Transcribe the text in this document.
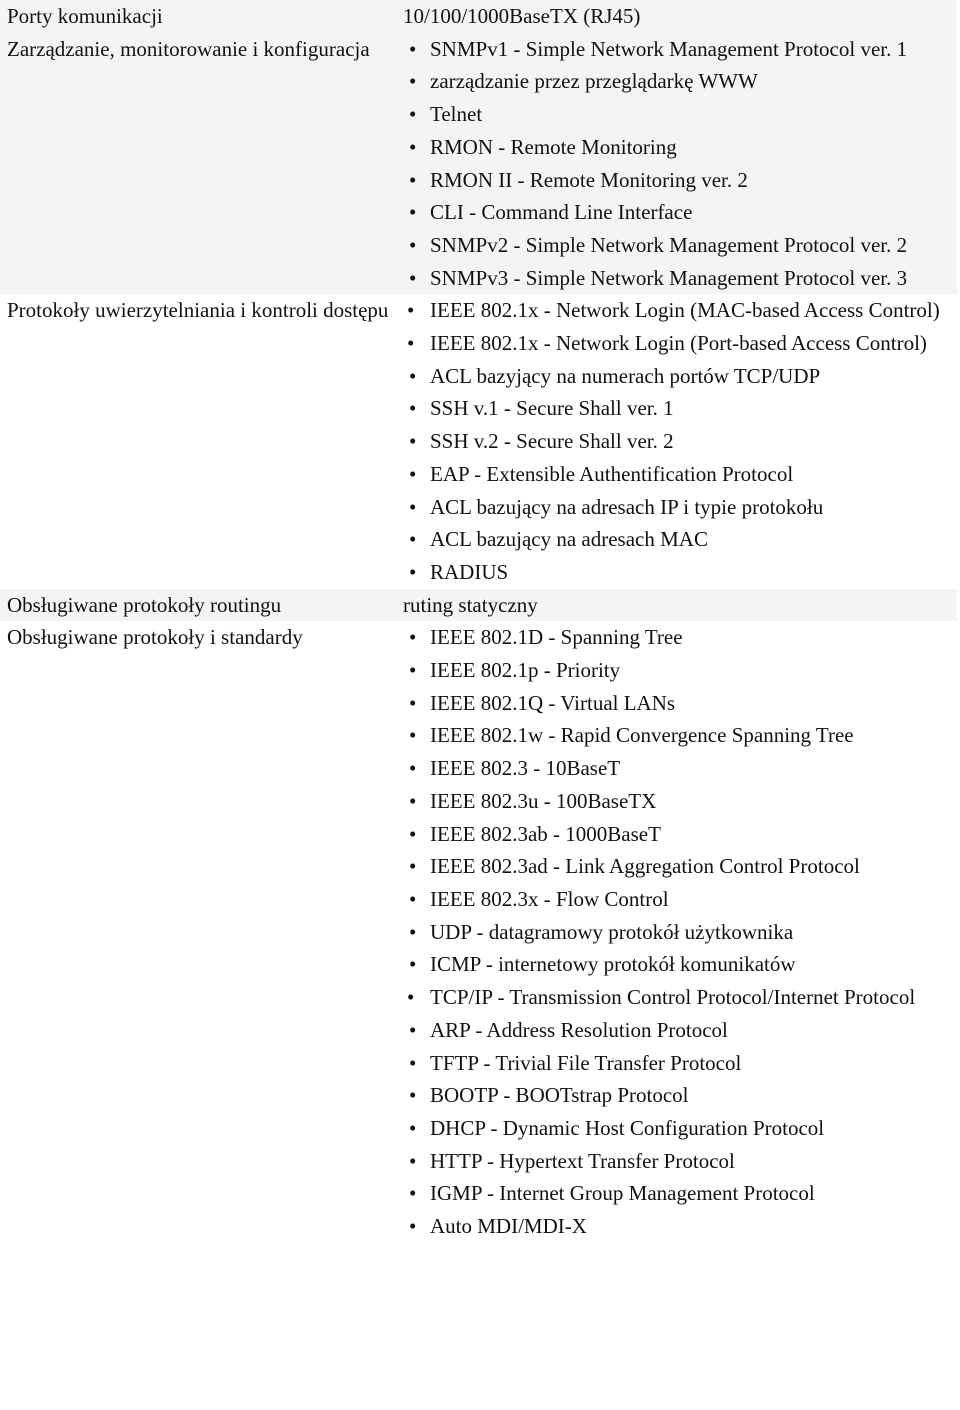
Porty komunikacji	10/100/1000BaseTX (RJ45)
Zarządzanie, monitorowanie i konfiguracja	• SNMPv1 - Simple Network Management Protocol ver. 1
• zarządzanie przez przeglądarkę WWW
• Telnet
• RMON - Remote Monitoring
• RMON II - Remote Monitoring ver. 2
• CLI - Command Line Interface
• SNMPv2 - Simple Network Management Protocol ver. 2
• SNMPv3 - Simple Network Management Protocol ver. 3
Protokoły uwierzytelniania i kontroli dostępu • IEEE 802.1x - Network Login (MAC-based Access Control)
• IEEE 802.1x - Network Login (Port-based Access Control)
• ACL bazyjący na numerach portów TCP/UDP
• SSH v.1 - Secure Shall ver. 1
• SSH v.2 - Secure Shall ver. 2
• EAP - Extensible Authentification Protocol
• ACL bazujący na adresach IP i typie protokołu
• ACL bazujący na adresach MAC
• RADIUS
Obsługiwane protokoły routingu	ruting statyczny
Obsługiwane protokoły i standardy	• IEEE 802.1D - Spanning Tree
• IEEE 802.1p - Priority
• IEEE 802.1Q - Virtual LANs
• IEEE 802.1w - Rapid Convergence Spanning Tree
• IEEE 802.3 - 10BaseT
• IEEE 802.3u - 100BaseTX
• IEEE 802.3ab - 1000BaseT
• IEEE 802.3ad - Link Aggregation Control Protocol
• IEEE 802.3x - Flow Control
• UDP - datagramowy protokół użytkownika
• ICMP - internetowy protokół komunikatów
• TCP/IP - Transmission Control Protocol/Internet Protocol
• ARP - Address Resolution Protocol
• TFTP - Trivial File Transfer Protocol
• BOOTP - BOOTstrap Protocol
• DHCP - Dynamic Host Configuration Protocol
• HTTP - Hypertext Transfer Protocol
• IGMP - Internet Group Management Protocol
• Auto MDI/MDI-X
